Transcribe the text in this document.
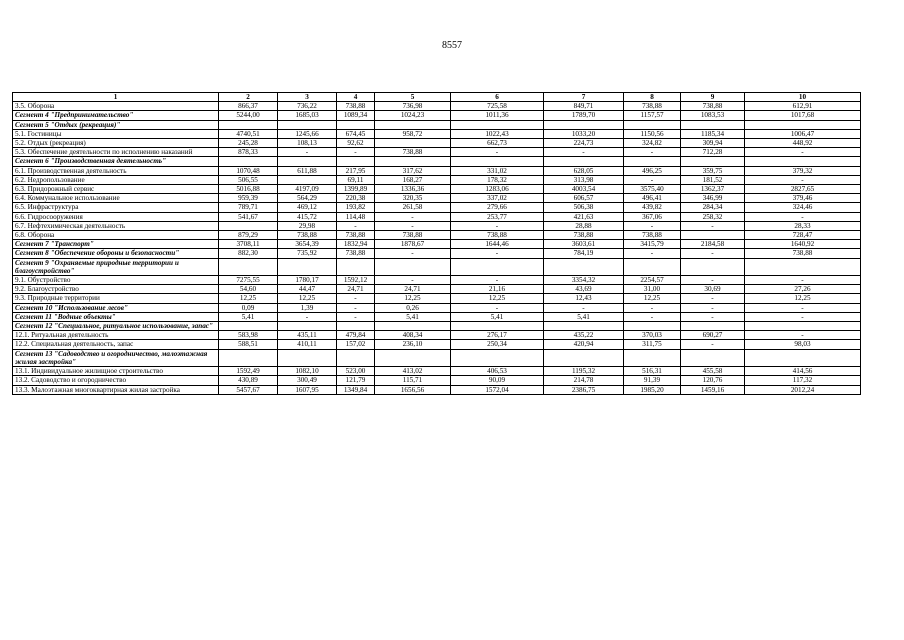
8557
1	2	3	4	5	6	7	8	9	10
3.5. Оборона	866,37	736,22	738,88	736,98	725,58	849,71	738,88	738,88	612,91
Сегмент 4 "Предпринимательство"	5244,00	1685,03	1089,34	1024,23	1011,36	1789,70	1157,57	1083,53	1017,68
Сегмент 5 "Отдых (рекреация)"									
5.1. Гостиницы	4740,51	1245,66	674,45	958,72	1022,43	1033,20	1150,56	1185,34	1006,47
5.2. Отдых (рекреация)	245,28	108,13	92,62		662,73	224,73	324,82	309,94	448,92
5.3. Обеспечение деятельности по исполнению наказаний	878,33	-	-	738,88	-	-	-	712,28	-
Сегмент 6 "Производственная деятельность"									
6.1. Производственная деятельность	1070,48	611,88	217,95	317,62	331,02	628,05	496,25	359,75	379,32
6.2. Недропользование	506,55		69,11	168,27	178,32	313,98	-	181,52	-
6.3. Придорожный сервис	5016,88	4197,09	1399,89	1336,36	1283,06	4003,54	3575,40	1362,37	2827,65
6.4. Коммунальное использование	959,39	564,29	220,38	320,35	337,02	606,57	496,41	346,99	379,46
6.5. Инфраструктура	789,71	469,12	193,82	261,58	279,66	506,38	439,82	284,34	324,46
6.6. Гидросооружения	541,67	415,72	114,48	-	253,77	421,63	367,06	258,32	-
6.7. Нефтехимическая деятельность		29,98	-	-	-	28,88	-	-	28,33
6.8. Оборона	879,29	738,88	738,88	738,88	738,88	738,88	738,88		728,47
Сегмент 7 "Транспорт"	3708,11	3654,39	1832,94	1878,67	1644,46	3603,61	3415,79	2184,58	1640,92
Сегмент 8 "Обеспечение обороны и безопасности"	882,30	735,92	738,88	-	-	784,19	-	-	738,88
Сегмент 9 "Охраняемые природные территории и благоустройство"									
9.1. Обустройство	7275,55	1780,17	1592,12	-	-	3354,32	2254,57	-	-
9.2. Благоустройство	54,60	44,47	24,71	24,71	21,16	43,69	31,00	30,69	27,26
9.3. Природные территории	12,25	12,25	-	12,25	12,25	12,43	12,25	-	12,25
Сегмент 10 "Использование лесов"	0,09	1,39	-	0,26	-	-	-	-	-
Сегмент 11 "Водные объекты"	5,41	-	-	5,41	5,41	5,41	-	-	-
Сегмент 12 "Специальное, ритуальное использование, запас"									
12.1. Ритуальная деятельность	583,98	435,11	479,84	408,34	276,17	435,22	370,03	690,27	-
12.2. Специальная деятельность, запас	588,51	410,11	157,02	236,10	250,34	420,94	311,75	-	98,03
Сегмент 13 "Садоводство и огородничество, малоэтажная жилая застройка"									
13.1. Индивидуальное жилищное строительство	1592,49	1082,10	523,00	413,02	406,53	1195,32	516,31	455,58	414,56
13.2. Садоводство и огородничество	430,89	300,49	121,79	115,71	90,09	214,78	91,39	120,76	117,32
13.3. Малоэтажная многоквартирная жилая застройка	5457,67	1607,95	1349,84	1656,56	1572,04	2386,75	1985,20	1459,16	2012,24
